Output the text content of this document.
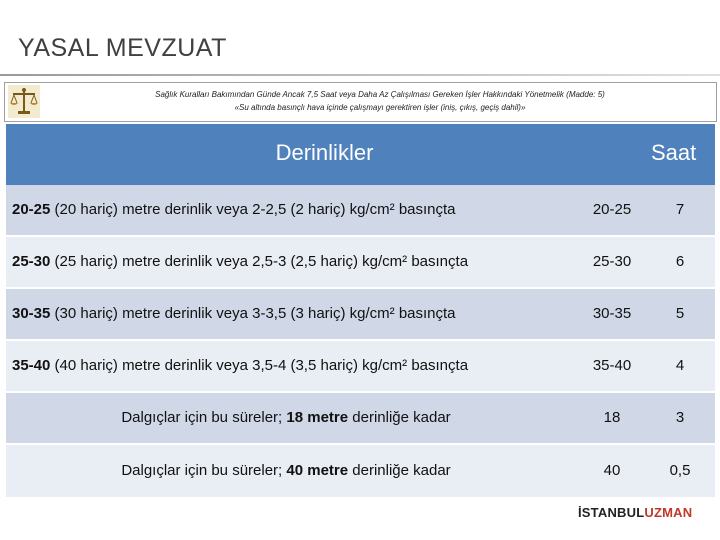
YASAL MEVZUAT
Sağlık Kuralları Bakımından Günde Ancak 7,5 Saat veya Daha Az Çalışılması Gereken İşler Hakkındaki Yönetmelik (Madde: 5)
«Su altında basınçlı hava içinde çalışmayı gerektiren işler (iniş, çıkış, geçiş dahil)»
Derinlikler	Saat
20-25 (20 hariç) metre derinlik veya 2-2,5 (2 hariç) kg/cm² basınçta	20-25	7
25-30 (25 hariç) metre derinlik veya 2,5-3 (2,5 hariç) kg/cm² basınçta	25-30	6
30-35 (30 hariç) metre derinlik veya 3-3,5 (3 hariç) kg/cm² basınçta	30-35	5
35-40 (40 hariç) metre derinlik veya 3,5-4 (3,5 hariç) kg/cm² basınçta	35-40	4
Dalgıçlar için bu süreler; 18 metre derinliğe kadar	18	3
Dalgıçlar için bu süreler; 40 metre derinliğe kadar	40	0,5
İSTANBULUZMAN
